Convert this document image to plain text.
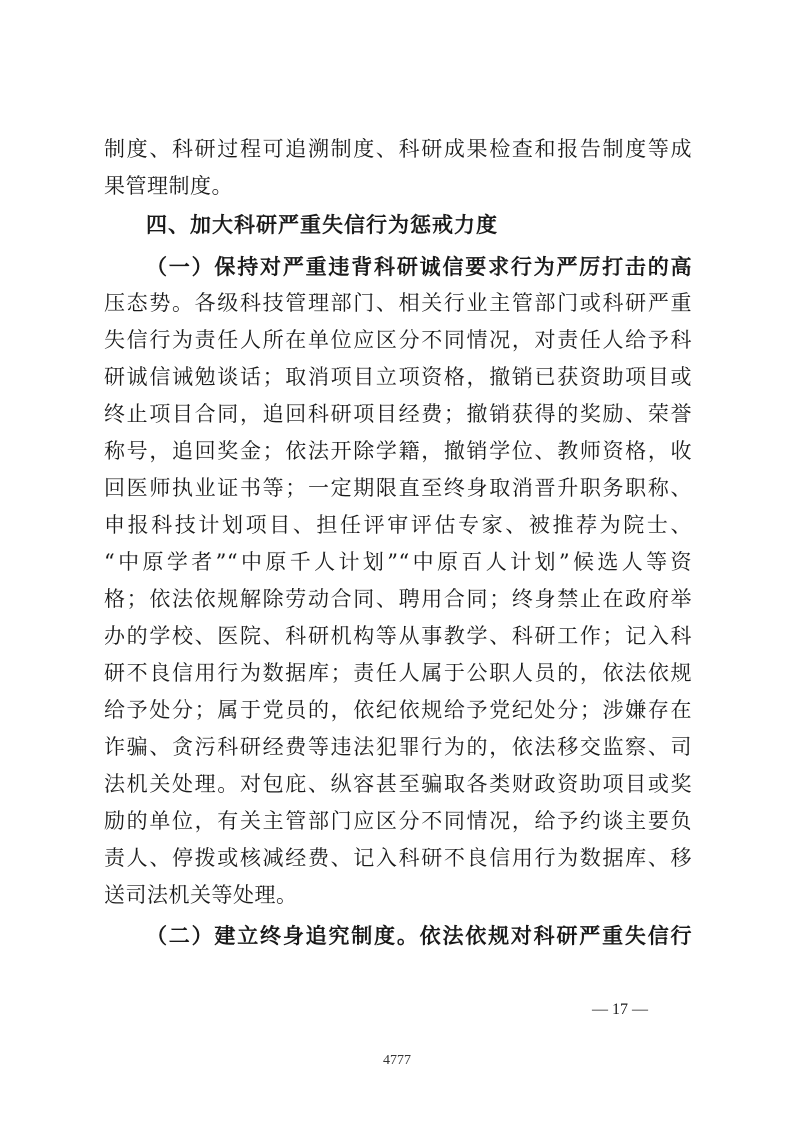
制度、科研过程可追溯制度、科研成果检查和报告制度等成
果管理制度。
四、加大科研严重失信行为惩戒力度
（一）保持对严重违背科研诚信要求行为严厉打击的高
压态势。各级科技管理部门、相关行业主管部门或科研严重
失信行为责任人所在单位应区分不同情况，对责任人给予科
研诚信诫勉谈话；取消项目立项资格，撤销已获资助项目或
终止项目合同，追回科研项目经费；撤销获得的奖励、荣誉
称号，追回奖金；依法开除学籍，撤销学位、教师资格，收
回医师执业证书等；一定期限直至终身取消晋升职务职称、
申报科技计划项目、担任评审评估专家、被推荐为院士、
“中原学者”“中原千人计划”“中原百人计划”候选人等资
格；依法依规解除劳动合同、聘用合同；终身禁止在政府举
办的学校、医院、科研机构等从事教学、科研工作；记入科
研不良信用行为数据库；责任人属于公职人员的，依法依规
给予处分；属于党员的，依纪依规给予党纪处分；涉嫌存在
诈骗、贪污科研经费等违法犯罪行为的，依法移交监察、司
法机关处理。对包庇、纵容甚至骗取各类财政资助项目或奖
励的单位，有关主管部门应区分不同情况，给予约谈主要负
责人、停拨或核减经费、记入科研不良信用行为数据库、移
送司法机关等处理。
（二）建立终身追究制度。依法依规对科研严重失信行
— 17 —
4777
